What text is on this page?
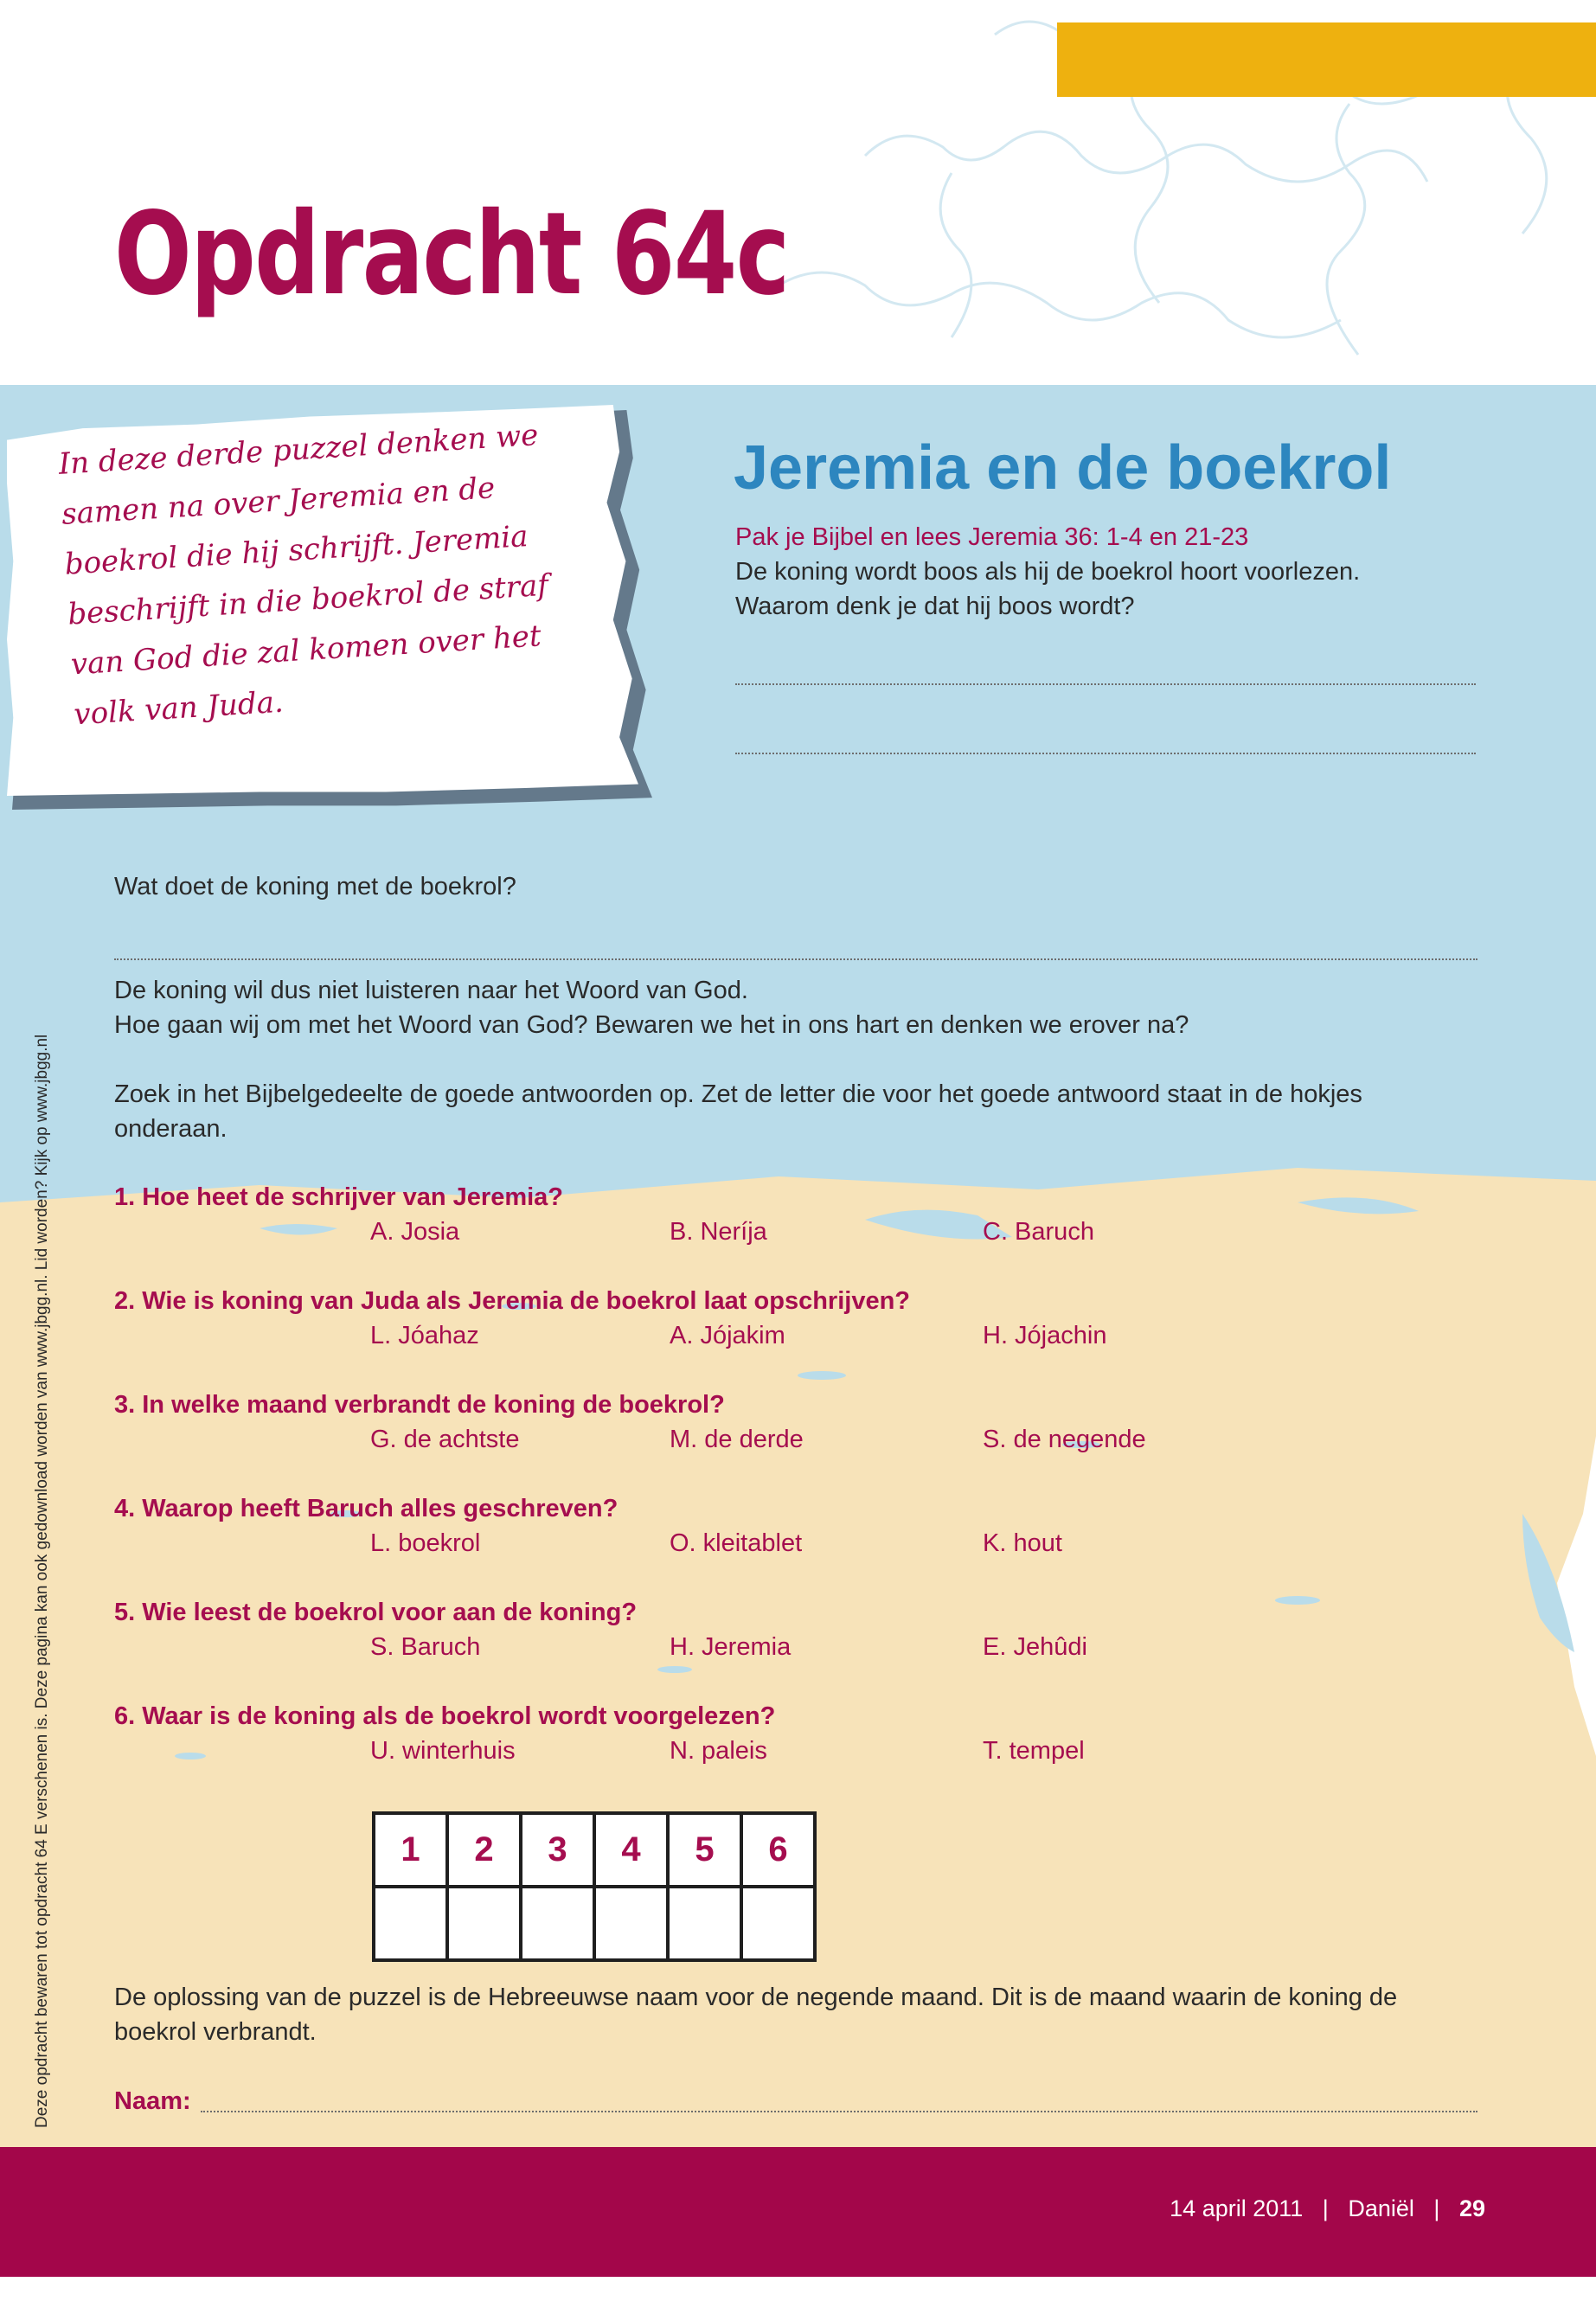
Opdracht 64c

In deze derde puzzel denken we samen na over Jeremia en de boekrol die hij schrijft. Jeremia beschrijft in die boekrol de straf van God die zal komen over het volk van Juda.

Jeremia en de boekrol

Pak je Bijbel en lees Jeremia 36: 1-4 en 21-23

De koning wordt boos als hij de boekrol hoort voorlezen.

Waarom denk je dat hij boos wordt?

Wat doet de koning met de boekrol?

De koning wil dus niet luisteren naar het Woord van God.

Hoe gaan wij om met het Woord van God? Bewaren we het in ons hart en denken we erover na?

Zoek in het Bijbelgedeelte de goede antwoorden op. Zet de letter die voor het goede antwoord staat in de hokjes

onderaan.

1. Hoe heet de schrijver van Jeremia?

A. Josia	B. Neríja	C. Baruch

2. Wie is koning van Juda als Jeremia de boekrol laat opschrijven?

L. Jóahaz	A. Jójakim	H. Jójachin

3. In welke maand verbrandt de koning de boekrol?

G. de achtste	M. de derde	S. de negende

4. Waarop heeft Baruch alles geschreven?

L. boekrol	O. kleitablet	K. hout

5. Wie leest de boekrol voor aan de koning?

S. Baruch	H. Jeremia	E. Jehûdi

6. Waar is de koning als de boekrol wordt voorgelezen?

U. winterhuis	N. paleis	T. tempel

1	2	3	4	5	6

De oplossing van de puzzel is de Hebreeuwse naam voor de negende maand. Dit is de maand waarin de koning de

boekrol verbrandt.

Naam:

Deze opdracht bewaren tot opdracht 64 E verschenen is. Deze pagina kan ook gedownload worden van www.jbgg.nl. Lid worden? Kijk op www.jbgg.nl

14 april 2011   |   Daniël   |   29
